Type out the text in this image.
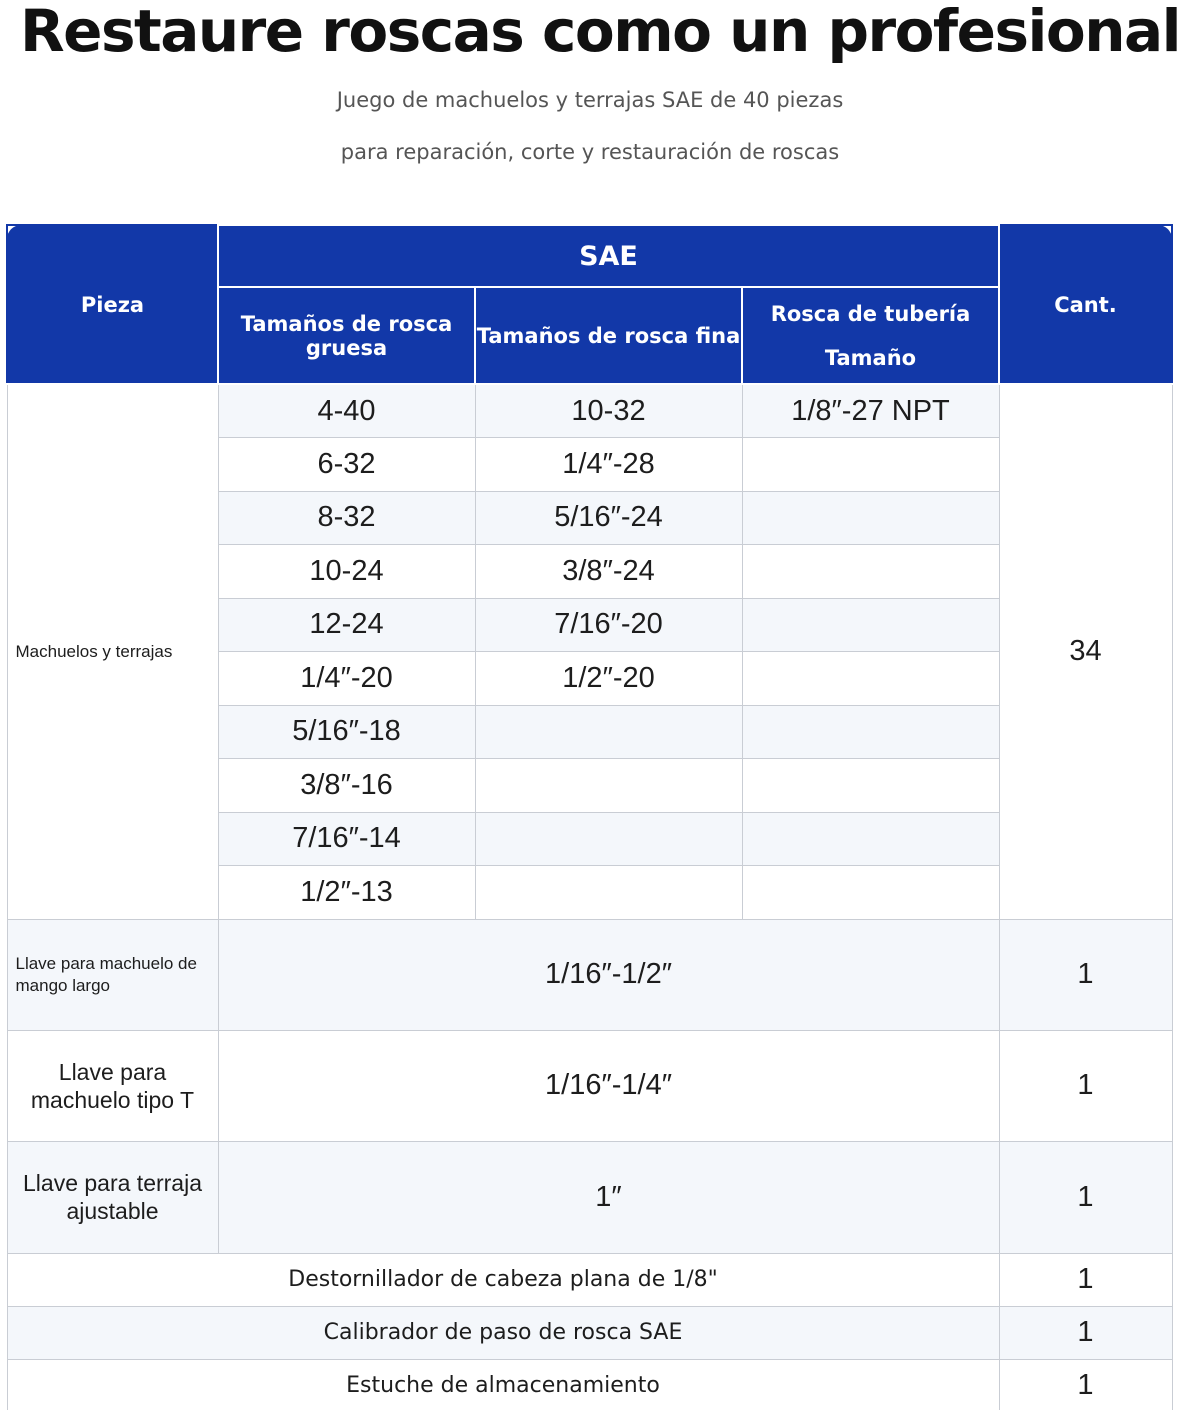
Restaure roscas como un profesional
Juego de machuelos y terrajas SAE de 40 piezas
para reparación, corte y restauración de roscas
Pieza	SAE			Cant.
	Tamaños de rosca gruesa	Tamaños de rosca fina	Rosca de tubería
Tamaño	

Machuelos y terrajas	4-40	10-32	1/8″-27 NPT	34
	6-32	1/4″-28		
	8-32	5/16″-24		
	10-24	3/8″-24		
	12-24	7/16″-20		
	1/4″-20	1/2″-20		
	5/16″-18			
	3/8″-16			
	7/16″-14			
	1/2″-13			
Llave para machuelo de mango largo	1/16″-1/2″			1
Llave para machuelo tipo T	1/16″-1/4″			1
Llave para terraja ajustable	1″			1
Destornillador de cabeza plana de 1/8"				1
Calibrador de paso de rosca SAE				1
Estuche de almacenamiento				1
